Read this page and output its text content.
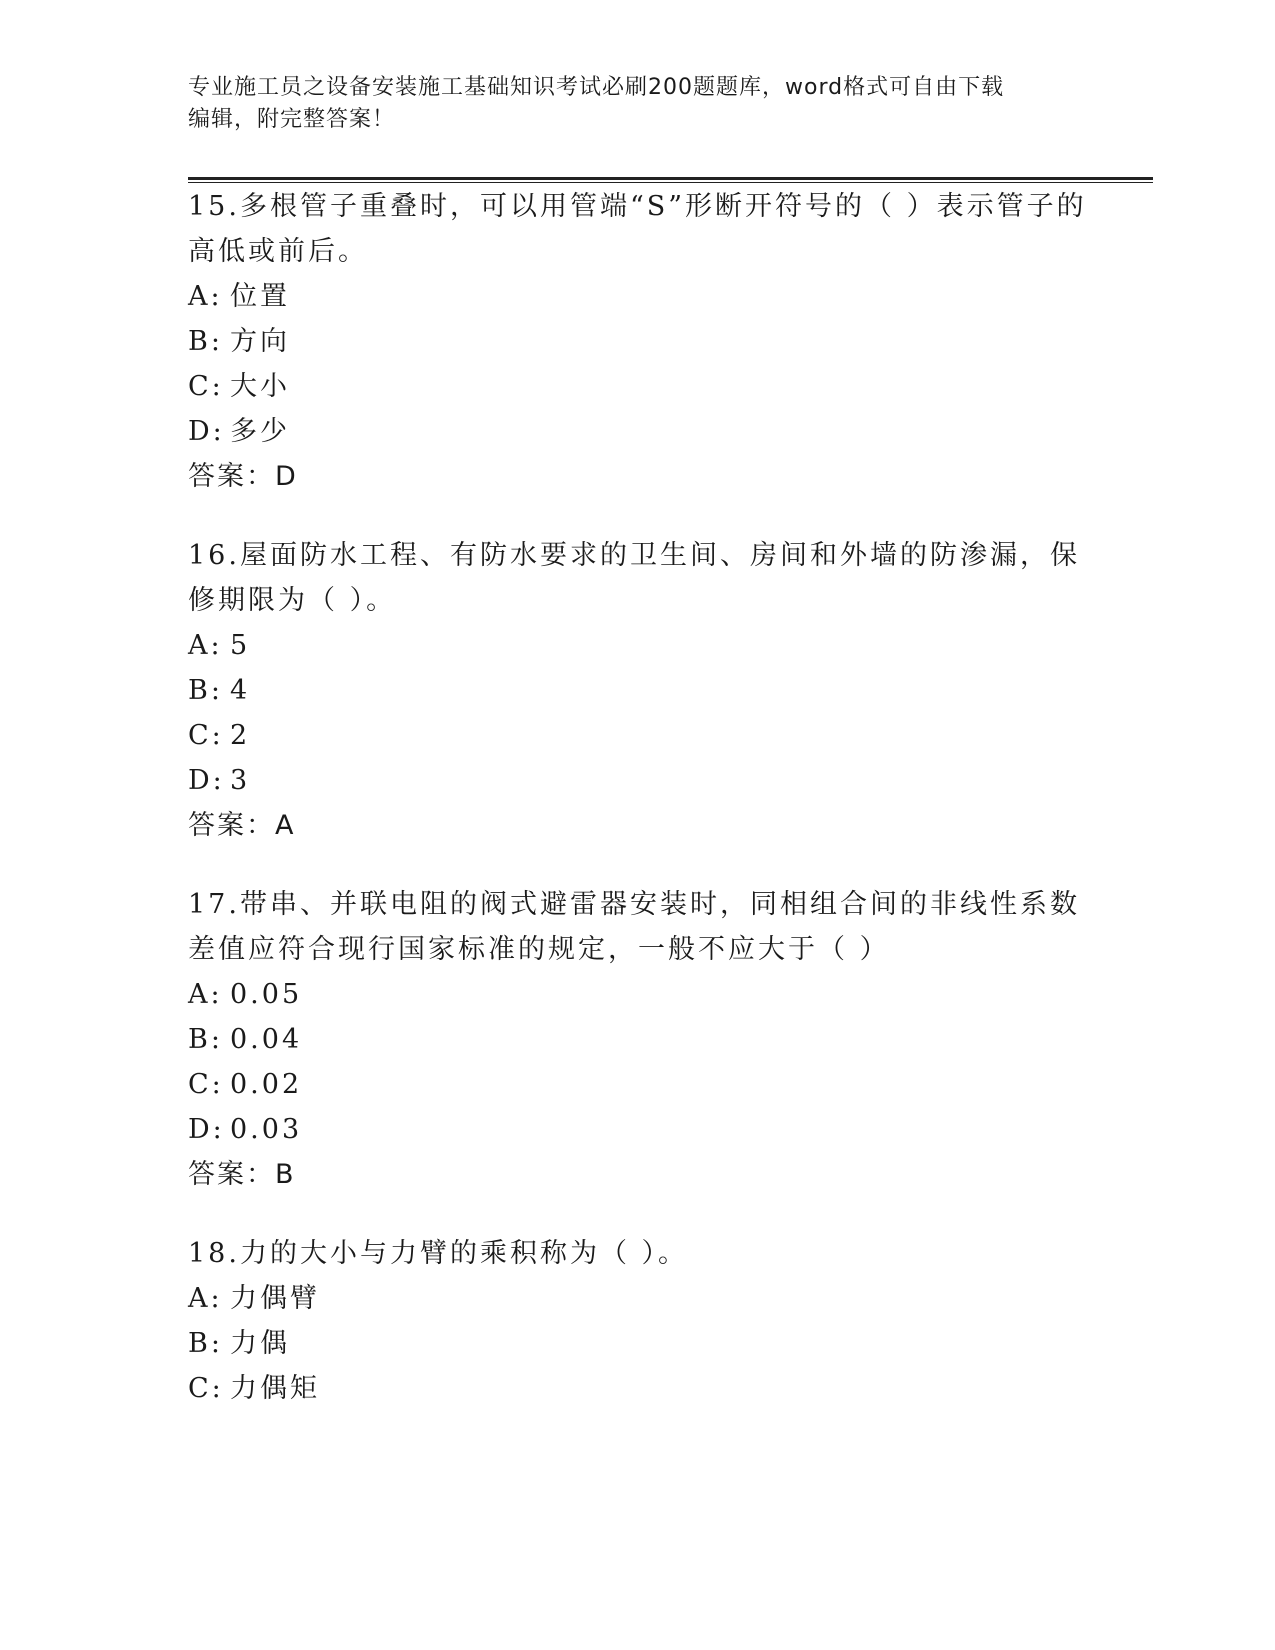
专业施工员之设备安装施工基础知识考试必刷200题题库，word格式可自由下载
编辑，附完整答案！

15.多根管子重叠时，可以用管端“S”形断开符号的（ ）表示管子的高低或前后。

A: 位置

B: 方向

C: 大小

D: 多少

答案：D

16.屋面防水工程、有防水要求的卫生间、房间和外墙的防渗漏，保修期限为（ ）。

A: 5

B: 4

C: 2

D: 3

答案：A

17.带串、并联电阻的阀式避雷器安装时，同相组合间的非线性系数差值应符合现行国家标准的规定，一般不应大于（ ）

A: 0.05

B: 0.04

C: 0.02

D: 0.03

答案：B

18.力的大小与力臂的乘积称为（ ）。

A: 力偶臂

B: 力偶

C: 力偶矩
